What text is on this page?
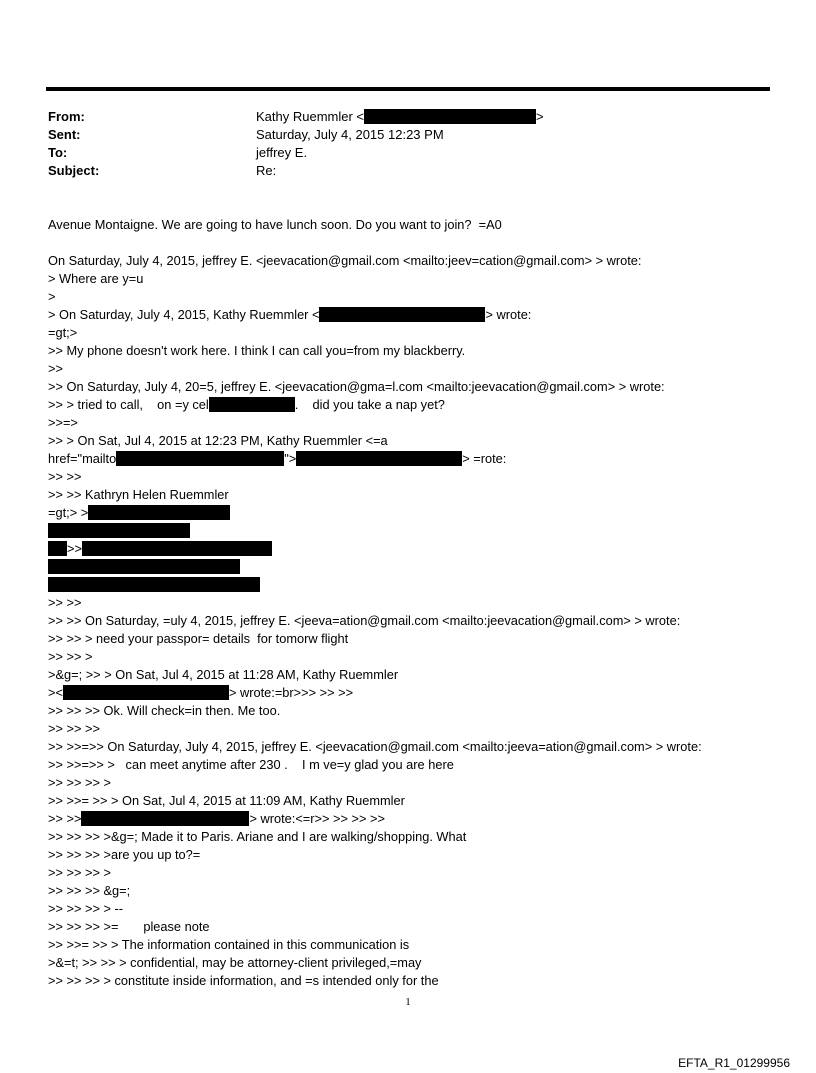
From:	Kathy Ruemmler <	>
Sent:	Saturday, July 4, 2015 12:23 PM
To:	jeffrey E.
Subject:	Re:
Avenue Montaigne. We are going to have lunch soon. Do you want to join?  =A0
On Saturday, July 4, 2015, jeffrey E. <jeevacation@gmail.com <mailto:jeev=cation@gmail.com> > wrote:
> Where are y=u
>
> On Saturday, July 4, 2015, Kathy Ruemmler <	> wrote:
=gt;>
>> My phone doesn't work here. I think I can call you=from my blackberry.
>>
>> On Saturday, July 4, 20=5, jeffrey E. <jeevacation@gma=l.com <mailto:jeevacation@gmail.com> > wrote:
>> > tried to call,    on =y cel	.    did you take a nap yet?
>>=>
>> > On Sat, Jul 4, 2015 at 12:23 PM, Kathy Ruemmler <=a
href="mailto	">	> =rote:
>> >>
>> >> Kathryn Helen Ruemmler
=gt;> >
>>
>> >>
>> >> On Saturday, =uly 4, 2015, jeffrey E. <jeeva=ation@gmail.com <mailto:jeevacation@gmail.com> > wrote:
>> >> > need your passpor= details  for tomorw flight
>> >> >
>&g=; >> > On Sat, Jul 4, 2015 at 11:28 AM, Kathy Ruemmler
><	> wrote:=br>>> >> >>
>> >> >> Ok. Will check=in then. Me too.
>> >> >>
>> >>=>> On Saturday, July 4, 2015, jeffrey E. <jeevacation@gmail.com <mailto:jeeva=ation@gmail.com> > wrote:
>> >>=>> >   can meet anytime after 230 .    I m ve=y glad you are here
>> >> >> >
>> >>= >> > On Sat, Jul 4, 2015 at 11:09 AM, Kathy Ruemmler
>> >>	> wrote:<=r>> >> >> >>
>> >> >> >&g=; Made it to Paris. Ariane and I are walking/shopping. What
>> >> >> >are you up to?=
>> >> >> >
>> >> >> &g=;
>> >> >> > --
>> >> >> >=       please note
>> >>= >> > The information contained in this communication is
>&=t; >> >> > confidential, may be attorney-client privileged,=may
>> >> >> > constitute inside information, and =s intended only for the
1
EFTA_R1_01299956
